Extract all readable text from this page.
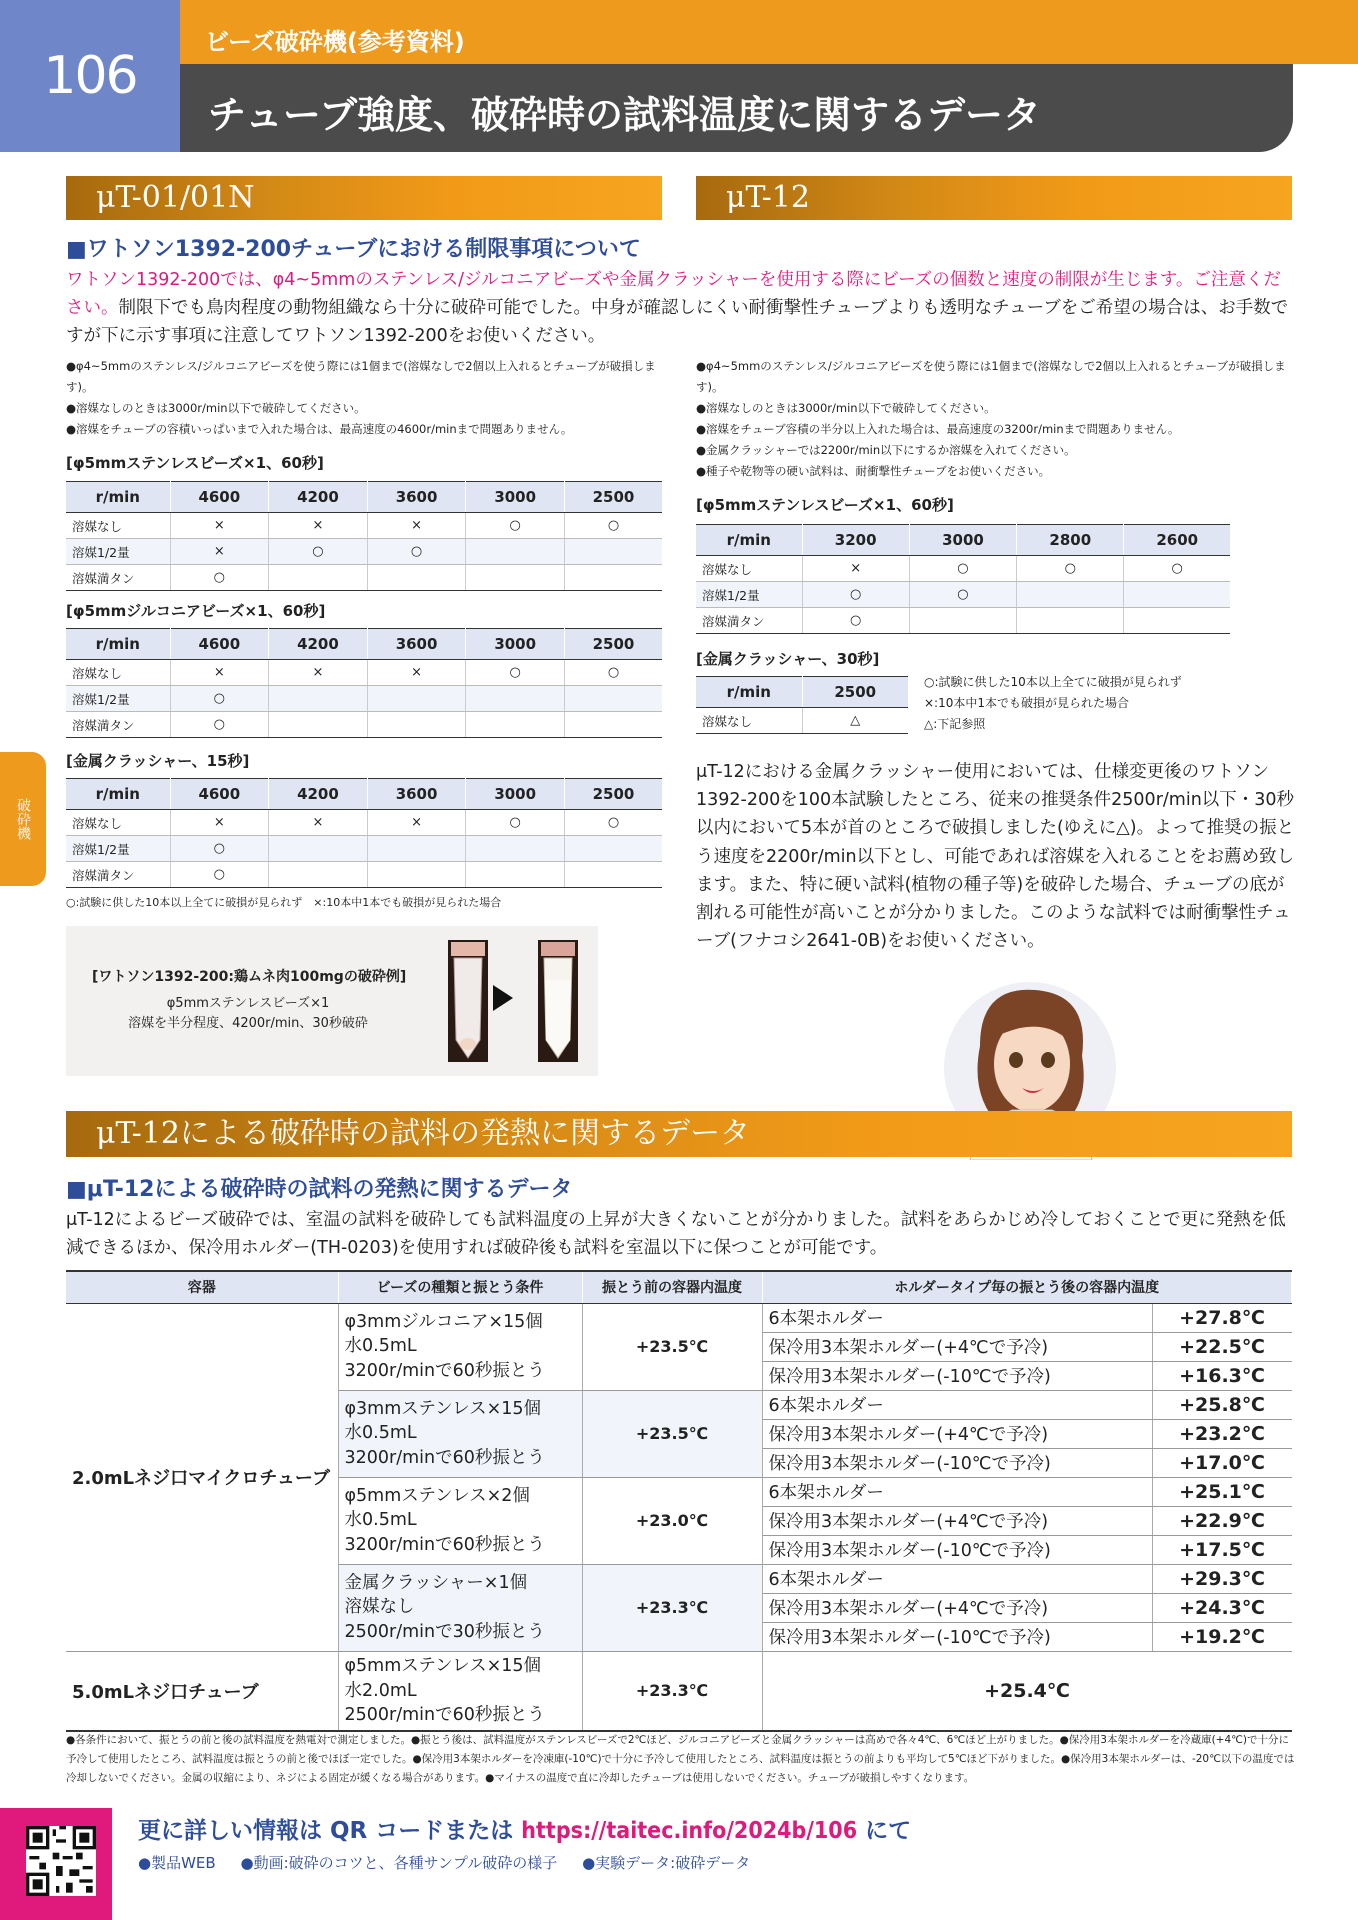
106
ビーズ破砕機(参考資料)
チューブ強度、破砕時の試料温度に関するデータ
破砕機
μT-01/01N
■ワトソン1392-200チューブにおける制限事項について
ワトソン1392-200では、φ4~5mmのステンレス/ジルコニアビーズや金属クラッシャーを使用する際にビーズの個数と速度の制限が生じます。ご注意ください。制限下でも鳥肉程度の動物組織なら十分に破砕可能でした。中身が確認しにくい耐衝撃性チューブよりも透明なチューブをご希望の場合は、お手数ですが下に示す事項に注意してワトソン1392-200をお使いください。
●φ4~5mmのステンレス/ジルコニアビーズを使う際には1個まで(溶媒なしで2個以上入れるとチューブが破損します)。
●溶媒なしのときは3000r/min以下で破砕してください。
●溶媒をチューブの容積いっぱいまで入れた場合は、最高速度の4600r/minまで問題ありません。
[φ5mmステンレスビーズ×1、60秒]
r/min	4600	4200	3600	3000	2500
溶媒なし	×	×	×	○	○
溶媒1/2量	×	○	○		
溶媒満タン	○				
[φ5mmジルコニアビーズ×1、60秒]
r/min	4600	4200	3600	3000	2500
溶媒なし	×	×	×	○	○
溶媒1/2量	○				
溶媒満タン	○				
[金属クラッシャー、15秒]
r/min	4600	4200	3600	3000	2500
溶媒なし	×	×	×	○	○
溶媒1/2量	○				
溶媒満タン	○				
○:試験に供した10本以上全てに破損が見られず　×:10本中1本でも破損が見られた場合
[ワトソン1392-200:鶏ムネ肉100mgの破砕例]
φ5mmステンレスビーズ×1
溶媒を半分程度、4200r/min、30秒破砕
μT-12
●φ4~5mmのステンレス/ジルコニアビーズを使う際には1個まで(溶媒なしで2個以上入れるとチューブが破損します)。
●溶媒なしのときは3000r/min以下で破砕してください。
●溶媒をチューブ容積の半分以上入れた場合は、最高速度の3200r/minまで問題ありません。
●金属クラッシャーでは2200r/min以下にするか溶媒を入れてください。
●種子や乾物等の硬い試料は、耐衝撃性チューブをお使いください。
[φ5mmステンレスビーズ×1、60秒]
r/min	3200	3000	2800	2600
溶媒なし	×	○	○	○
溶媒1/2量	○	○		
溶媒満タン	○			
[金属クラッシャー、30秒]
r/min	2500
溶媒なし	△
○:試験に供した10本以上全てに破損が見られず
×:10本中1本でも破損が見られた場合
△:下記参照
μT-12における金属クラッシャー使用においては、仕様変更後のワトソン1392-200を100本試験したところ、従来の推奨条件2500r/min以下・30秒以内において5本が首のところで破損しました(ゆえに△)。よって推奨の振とう速度を2200r/min以下とし、可能であれば溶媒を入れることをお薦め致します。また、特に硬い試料(植物の種子等)を破砕した場合、チューブの底が割れる可能性が高いことが分かりました。このような試料では耐衝撃性チューブ(フナコシ2641-0B)をお使いください。
μT-12による破砕時の試料の発熱に関するデータ
■μT-12による破砕時の試料の発熱に関するデータ
μT-12によるビーズ破砕では、室温の試料を破砕しても試料温度の上昇が大きくないことが分かりました。試料をあらかじめ冷しておくことで更に発熱を低減できるほか、保冷用ホルダー(TH-0203)を使用すれば破砕後も試料を室温以下に保つことが可能です。
容器	ビーズの種類と振とう条件	振とう前の容器内温度	ホルダータイプ毎の振とう後の容器内温度	
2.0mLネジ口マイクロチューブ	φ3mmジルコニア×15個
水0.5mL
3200r/minで60秒振とう	+23.5℃	6本架ホルダー	+27.8℃
			保冷用3本架ホルダー(+4℃で予冷)	+22.5℃
			保冷用3本架ホルダー(-10℃で予冷)	+16.3℃

	φ3mmステンレス×15個
水0.5mL
3200r/minで60秒振とう	+23.5℃	6本架ホルダー	+25.8℃
			保冷用3本架ホルダー(+4℃で予冷)	+23.2℃
			保冷用3本架ホルダー(-10℃で予冷)	+17.0℃

	φ5mmステンレス×2個
水0.5mL
3200r/minで60秒振とう	+23.0℃	6本架ホルダー	+25.1℃
			保冷用3本架ホルダー(+4℃で予冷)	+22.9℃
			保冷用3本架ホルダー(-10℃で予冷)	+17.5℃

	金属クラッシャー×1個
溶媒なし
2500r/minで30秒振とう	+23.3℃	6本架ホルダー	+29.3℃
			保冷用3本架ホルダー(+4℃で予冷)	+24.3℃
			保冷用3本架ホルダー(-10℃で予冷)	+19.2℃
5.0mLネジ口チューブ	φ5mmステンレス×15個
水2.0mL
2500r/minで60秒振とう	+23.3℃	+25.4℃	
●各条件において、振とうの前と後の試料温度を熱電対で測定しました。●振とう後は、試料温度がステンレスビーズで2℃ほど、ジルコニアビーズと金属クラッシャーは高めで各々4℃、6℃ほど上がりました。●保冷用3本架ホルダーを冷蔵庫(+4℃)で十分に予冷して使用したところ、試料温度は振とうの前と後でほぼ一定でした。●保冷用3本架ホルダーを冷凍庫(-10℃)で十分に予冷して使用したところ、試料温度は振とうの前よりも平均して5℃ほど下がりました。●保冷用3本架ホルダーは、-20℃以下の温度では冷却しないでください。金属の収縮により、ネジによる固定が緩くなる場合があります。●マイナスの温度で直に冷却したチューブは使用しないでください。チューブが破損しやすくなります。
更に詳しい情報は QR コードまたは https://taitec.info/2024b/106 にて
●製品WEB ●動画:破砕のコツと、各種サンプル破砕の様子 ●実験データ:破砕データ
